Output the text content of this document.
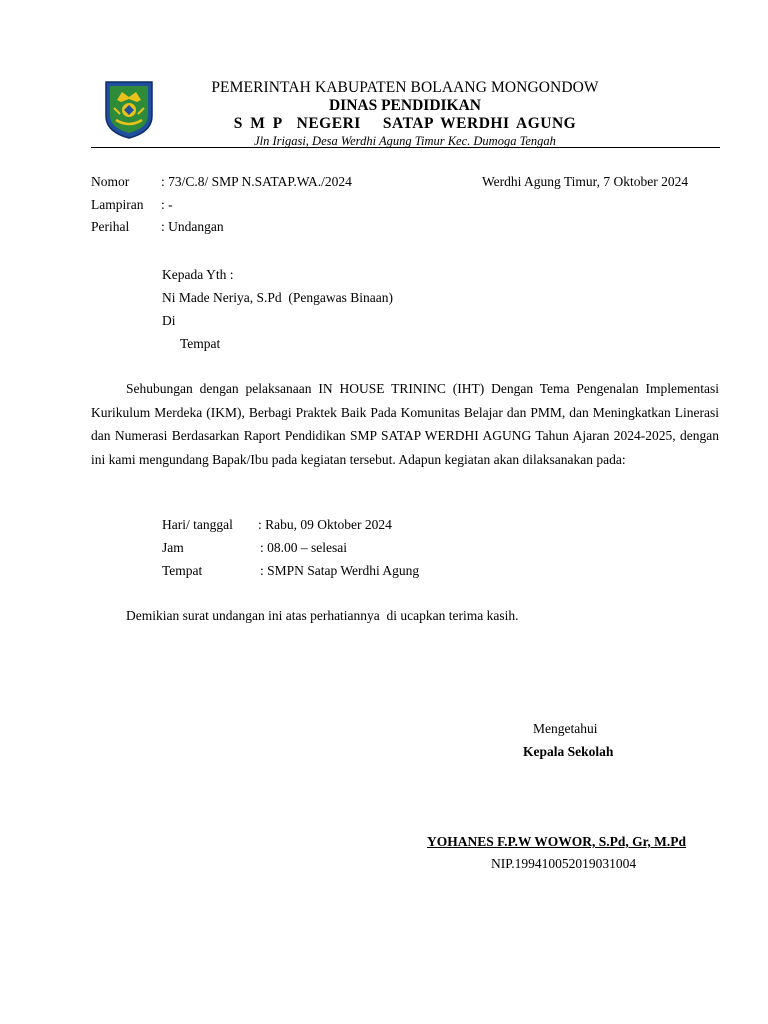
PEMERINTAH KABUPATEN BOLAANG MONGONDOW
DINAS PENDIDIKAN
S M P  NEGERI   SATAP WERDHI AGUNG
Jln Irigasi, Desa Werdhi Agung Timur Kec. Dumoga Tengah
Nomor : 73/C.8/ SMP N.SATAP.WA./2024	Werdhi Agung Timur, 7 Oktober 2024
Lampiran : -
Perihal : Undangan
Kepada Yth :
Ni Made Neriya, S.Pd  (Pengawas Binaan)
Di
Tempat
Sehubungan dengan pelaksanaan IN HOUSE TRININC (IHT) Dengan Tema Pengenalan Implementasi Kurikulum Merdeka (IKM), Berbagi Praktek Baik Pada Komunitas Belajar dan PMM, dan Meningkatkan Linerasi dan Numerasi Berdasarkan Raport Pendidikan SMP SATAP WERDHI AGUNG Tahun Ajaran 2024-2025, dengan ini kami mengundang Bapak/Ibu pada kegiatan tersebut. Adapun kegiatan akan dilaksanakan pada:
Hari/ tanggal : Rabu, 09 Oktober 2024
Jam	: 08.00 – selesai
Tempat	: SMPN Satap Werdhi Agung
Demikian surat undangan ini atas perhatiannya  di ucapkan terima kasih.
Mengetahui
Kepala Sekolah
YOHANES F.P.W WOWOR, S.Pd, Gr, M.Pd
NIP.199410052019031004
